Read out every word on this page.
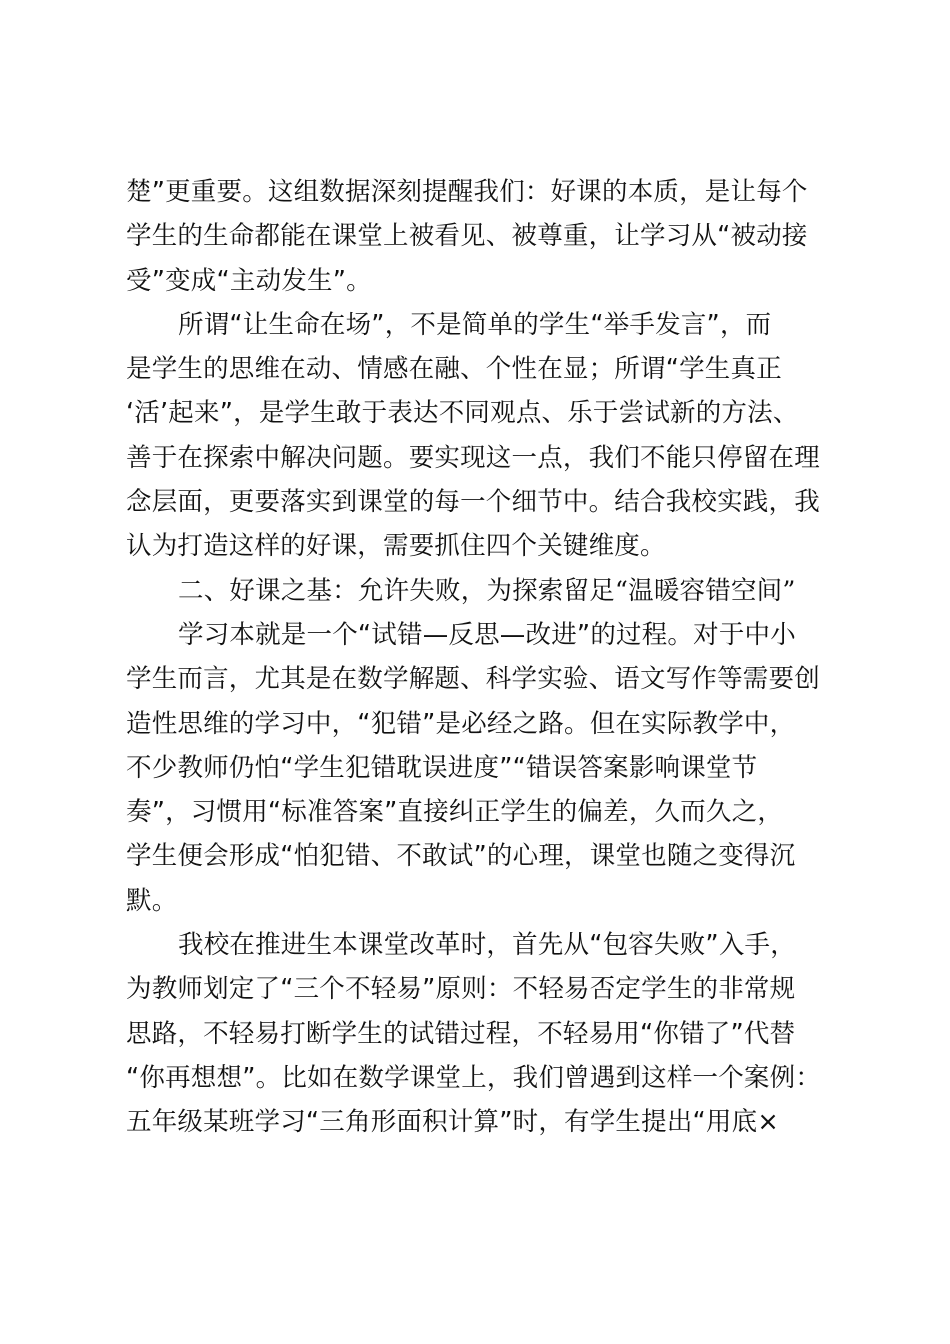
楚”更重要。这组数据深刻提醒我们：好课的本质，是让每个
学生的生命都能在课堂上被看见、被尊重，让学习从“被动接
受”变成“主动发生”。
所谓“让生命在场”，不是简单的学生“举手发言”，而
是学生的思维在动、情感在融、个性在显；所谓“学生真正
‘活’起来”，是学生敢于表达不同观点、乐于尝试新的方法、
善于在探索中解决问题。要实现这一点，我们不能只停留在理
念层面，更要落实到课堂的每一个细节中。结合我校实践，我
认为打造这样的好课，需要抓住四个关键维度。
二、好课之基：允许失败，为探索留足“温暖容错空间”
学习本就是一个“试错—反思—改进”的过程。对于中小
学生而言，尤其是在数学解题、科学实验、语文写作等需要创
造性思维的学习中，“犯错”是必经之路。但在实际教学中，
不少教师仍怕“学生犯错耽误进度”“错误答案影响课堂节
奏”，习惯用“标准答案”直接纠正学生的偏差，久而久之，
学生便会形成“怕犯错、不敢试”的心理，课堂也随之变得沉
默。
我校在推进生本课堂改革时，首先从“包容失败”入手，
为教师划定了“三个不轻易”原则：不轻易否定学生的非常规
思路，不轻易打断学生的试错过程，不轻易用“你错了”代替
“你再想想”。比如在数学课堂上，我们曾遇到这样一个案例：
五年级某班学习“三角形面积计算”时，有学生提出“用底×
